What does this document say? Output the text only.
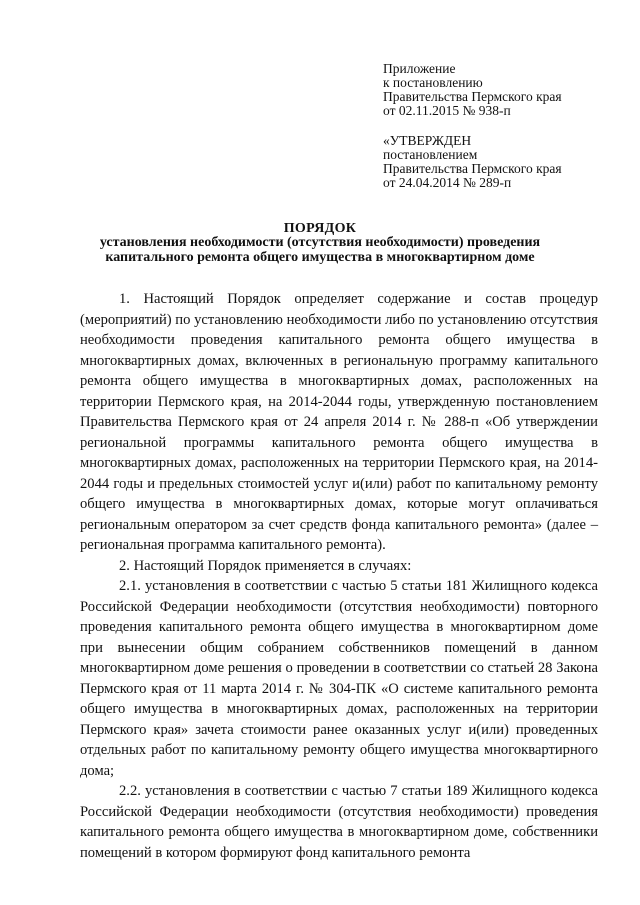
Приложение
к постановлению
Правительства Пермского края
от 02.11.2015 № 938-п
«УТВЕРЖДЕН
постановлением
Правительства Пермского края
от 24.04.2014 № 289-п
ПОРЯДОК
установления необходимости (отсутствия необходимости) проведения
капитального ремонта общего имущества в многоквартирном доме

1. Настоящий Порядок определяет содержание и состав процедур (мероприятий) по установлению необходимости либо по установлению отсутствия необходимости проведения капитального ремонта общего имущества в многоквартирных домах, включенных в региональную программу капитального ремонта общего имущества в многоквартирных домах, расположенных на территории Пермского края, на 2014-2044 годы, утвержденную постановлением Правительства Пермского края от 24 апреля 2014 г. № 288-п «Об утверждении региональной программы капитального ремонта общего имущества в многоквартирных домах, расположенных на территории Пермского края, на 2014-2044 годы и предельных стоимостей услуг и(или) работ по капитальному ремонту общего имущества в многоквартирных домах, которые могут оплачиваться региональным оператором за счет средств фонда капитального ремонта» (далее – региональная программа капитального ремонта).

2. Настоящий Порядок применяется в случаях:

2.1. установления в соответствии с частью 5 статьи 181 Жилищного кодекса Российской Федерации необходимости (отсутствия необходимости) повторного проведения капитального ремонта общего имущества в многоквартирном доме при вынесении общим собранием собственников помещений в данном многоквартирном доме решения о проведении в соответствии со статьей 28 Закона Пермского края от 11 марта 2014 г. № 304-ПК «О системе капитального ремонта общего имущества в многоквартирных домах, расположенных на территории Пермского края» зачета стоимости ранее оказанных услуг и(или) проведенных отдельных работ по капитальному ремонту общего имущества многоквартирного дома;

2.2. установления в соответствии с частью 7 статьи 189 Жилищного кодекса Российской Федерации необходимости (отсутствия необходимости) проведения капитального ремонта общего имущества в многоквартирном доме, собственники помещений в котором формируют фонд капитального ремонта
